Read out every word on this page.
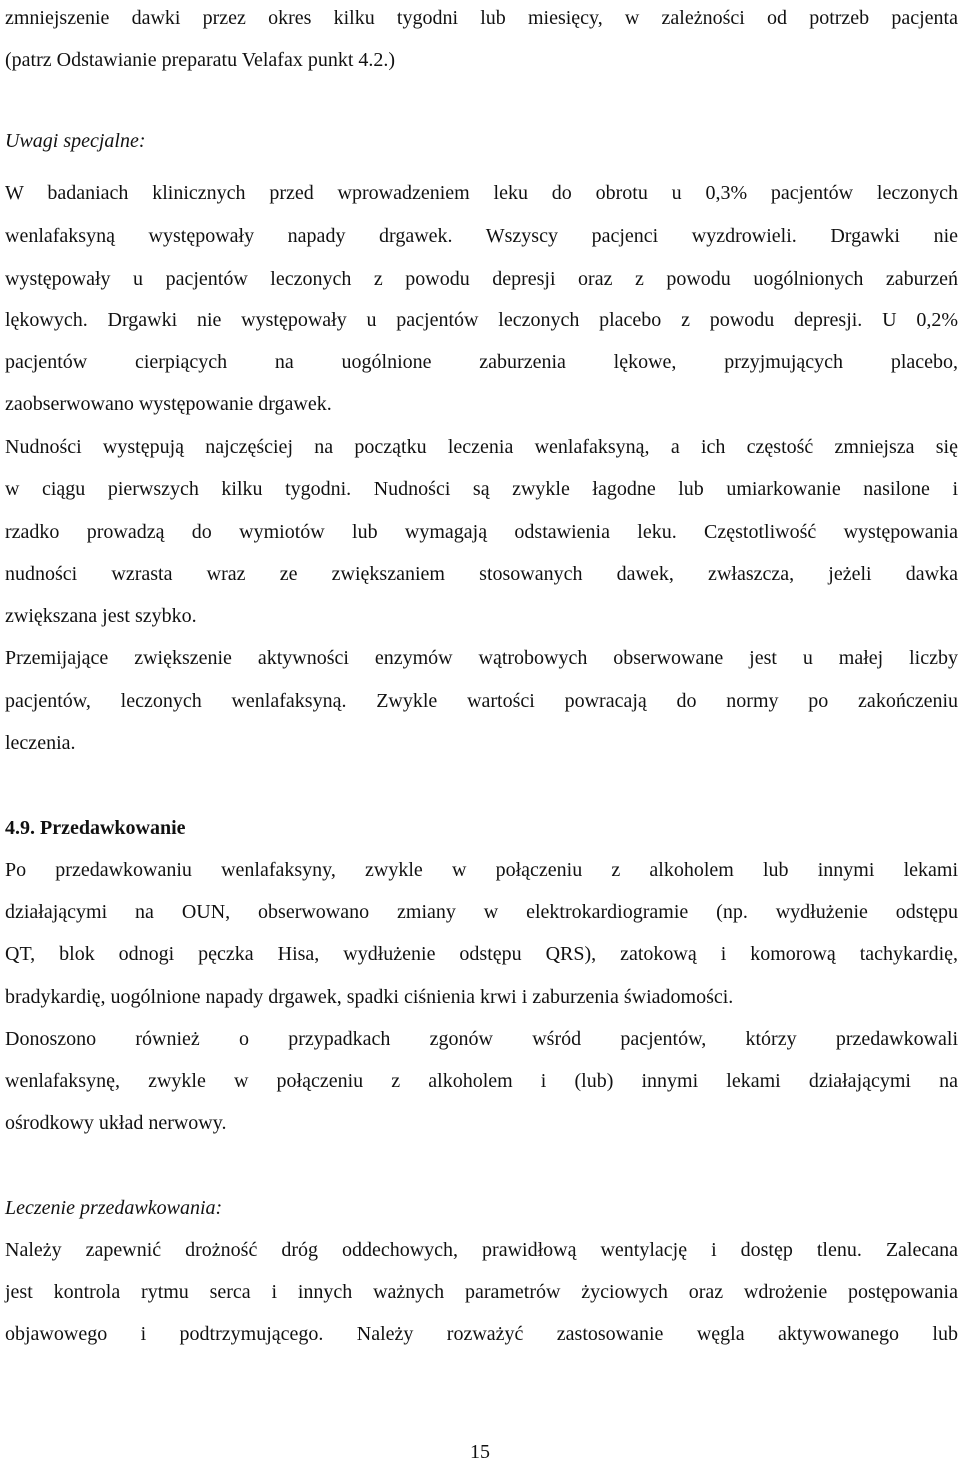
zmniejszenie dawki przez okres kilku tygodni lub miesięcy, w zależności od potrzeb pacjenta
(patrz Odstawianie preparatu Velafax punkt 4.2.)
Uwagi specjalne:
W badaniach klinicznych przed wprowadzeniem leku do obrotu u 0,3% pacjentów leczonych
wenlafaksyną występowały napady drgawek. Wszyscy pacjenci wyzdrowieli. Drgawki nie
występowały u pacjentów leczonych z powodu depresji oraz z powodu uogólnionych zaburzeń
lękowych. Drgawki nie występowały u pacjentów leczonych placebo z powodu depresji. U 0,2%
pacjentów cierpiących na uogólnione zaburzenia lękowe, przyjmujących placebo,
zaobserwowano występowanie drgawek.
Nudności występują najczęściej na początku leczenia wenlafaksyną, a ich częstość zmniejsza się
w ciągu pierwszych kilku tygodni. Nudności są zwykle łagodne lub umiarkowanie nasilone i
rzadko prowadzą do wymiotów lub wymagają odstawienia leku. Częstotliwość występowania
nudności wzrasta wraz ze zwiększaniem stosowanych dawek, zwłaszcza, jeżeli dawka
zwiększana jest szybko.
Przemijające zwiększenie aktywności enzymów wątrobowych obserwowane jest u małej liczby
pacjentów, leczonych wenlafaksyną. Zwykle wartości powracają do normy po zakończeniu
leczenia.
4.9. Przedawkowanie
Po przedawkowaniu wenlafaksyny, zwykle w połączeniu z alkoholem lub innymi lekami
działającymi na OUN, obserwowano zmiany w elektrokardiogramie (np. wydłużenie odstępu
QT, blok odnogi pęczka Hisa, wydłużenie odstępu QRS), zatokową i komorową tachykardię,
bradykardię, uogólnione napady drgawek, spadki ciśnienia krwi i zaburzenia świadomości.
Donoszono również o przypadkach zgonów wśród pacjentów, którzy przedawkowali
wenlafaksynę, zwykle w połączeniu z alkoholem i (lub) innymi lekami działającymi na
ośrodkowy układ nerwowy.
Leczenie przedawkowania:
Należy zapewnić drożność dróg oddechowych, prawidłową wentylację i dostęp tlenu. Zalecana
jest kontrola rytmu serca i innych ważnych parametrów życiowych oraz wdrożenie postępowania
objawowego i podtrzymującego. Należy rozważyć zastosowanie węgla aktywowanego lub
15
